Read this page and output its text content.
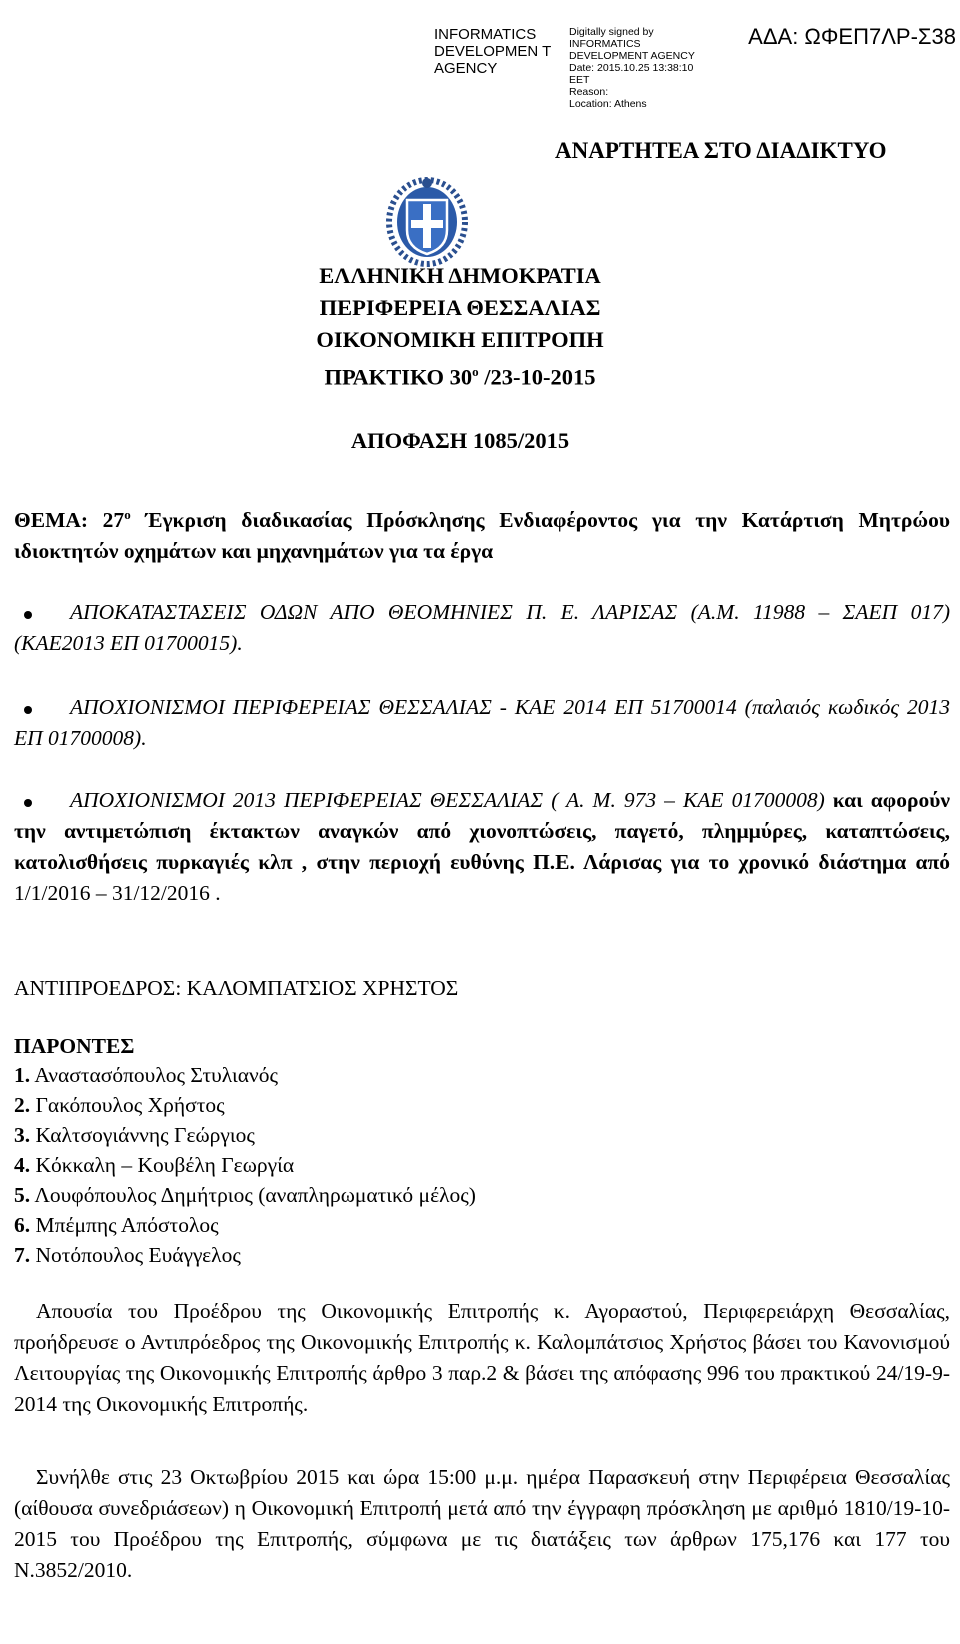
INFORMATICS DEVELOPMEN T AGENCY
Digitally signed by
INFORMATICS
DEVELOPMENT AGENCY
Date: 2015.10.25 13:38:10
EET
Reason:
Location: Athens
ΑΔΑ: ΩΦΕΠ7ΛΡ-Σ38
ΑΝΑΡΤΗΤΕΑ ΣΤΟ ΔΙΑΔΙΚΤΥΟ
ΕΛΛΗΝΙΚΗ ΔΗΜΟΚΡΑΤΙΑ
ΠΕΡΙΦΕΡΕΙΑ ΘΕΣΣΑΛΙΑΣ
ΟΙΚΟΝΟΜΙΚΗ ΕΠΙΤΡΟΠΗ
ΠΡΑΚΤΙΚΟ $30^o$ /23-10-2015
ΑΠΟΦΑΣΗ 1085/2015
ΘΕΜΑ: $27^o$ Έγκριση διαδικασίας Πρόσκλησης Ενδιαφέροντος για την Κατάρτιση Μητρώου ιδιοκτητών οχημάτων και μηχανημάτων για τα έργα
ΑΠΟΚΑΤΑΣΤΑΣΕΙΣ ΟΔΩΝ ΑΠΟ ΘΕΟΜΗΝΙΕΣ Π. Ε. ΛΑΡΙΣΑΣ (Α.Μ. 11988 – ΣΑΕΠ 017) (ΚΑΕ2013 ΕΠ 01700015).
ΑΠΟΧΙΟΝΙΣΜΟΙ ΠΕΡΙΦΕΡΕΙΑΣ ΘΕΣΣΑΛΙΑΣ - ΚΑΕ 2014 ΕΠ 51700014 (παλαιός κωδικός 2013 ΕΠ 01700008).
ΑΠΟΧΙΟΝΙΣΜΟΙ 2013 ΠΕΡΙΦΕΡΕΙΑΣ ΘΕΣΣΑΛΙΑΣ ( Α. Μ. 973 – ΚΑΕ 01700008) και αφορούν την αντιμετώπιση έκτακτων αναγκών από χιονοπτώσεις, παγετό, πλημμύρες, καταπτώσεις, κατολισθήσεις πυρκαγιές κλπ , στην περιοχή ευθύνης Π.Ε. Λάρισας για το χρονικό διάστημα από 1/1/2016 – 31/12/2016 .
ΑΝΤΙΠΡΟΕΔΡΟΣ: ΚΑΛΟΜΠΑΤΣΙΟΣ ΧΡΗΣΤΟΣ
ΠΑΡΟΝΤΕΣ
1. Αναστασόπουλος Στυλιανός
2. Γακόπουλος Χρήστος
3. Καλτσογιάννης Γεώργιος
4. Κόκκαλη – Κουβέλη Γεωργία
5. Λουφόπουλος Δημήτριος (αναπληρωματικό μέλος)
6. Μπέμπης Απόστολος
7. Νοτόπουλος Ευάγγελος
Απουσία του Προέδρου της Οικονομικής Επιτροπής κ. Αγοραστού, Περιφερειάρχη Θεσσαλίας, προήδρευσε ο Αντιπρόεδρος της Οικονομικής Επιτροπής κ. Καλομπάτσιος Χρήστος βάσει του Κανονισμού Λειτουργίας της Οικονομικής Επιτροπής άρθρο 3 παρ.2 & βάσει της απόφασης 996 του πρακτικού 24/19-9-2014 της Οικονομικής Επιτροπής.
Συνήλθε στις 23 Οκτωβρίου 2015 και ώρα 15:00 μ.μ. ημέρα Παρασκευή στην Περιφέρεια Θεσσαλίας (αίθουσα συνεδριάσεων) η Οικονομική Επιτροπή μετά από την έγγραφη πρόσκληση με αριθμό 1810/19-10-2015 του Προέδρου της Επιτροπής, σύμφωνα με τις διατάξεις των άρθρων 175,176 και 177 του Ν.3852/2010.
